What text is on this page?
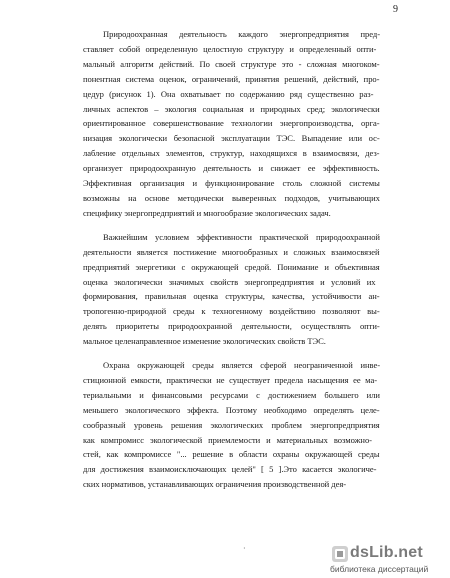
9
Природоохранная деятельность каждого энергопредприятия пред-
ставляет собой определенную целостную структуру и определенный опти-
мальный алгоритм действий. По своей структуре это - сложная многоком-
понентная система оценок, ограничений, принятия решений, действий, про-
цедур (рисунок 1). Она охватывает по содержанию ряд существенно раз-
личных аспектов – экология социальная и природных сред; экологически
ориентированное совершенствование технологии энергопроизводства, орга-
низация экологически безопасной эксплуатации ТЭС. Выпадение или ос-
лабление отдельных элементов, структур, находящихся в взаимосвязи, дез-
организует природоохранную деятельность и снижает ее эффективность.
Эффективная организация и функционирование столь сложной системы
возможны на основе методически выверенных подходов, учитывающих
специфику энергопредприятий и многообразие экологических задач.
Важнейшим условием эффективности практической природоохранной
деятельности является постижение многообразных и сложных взаимосвязей
предприятий энергетики с окружающей средой. Понимание и объективная
оценка экологически значимых свойств энергопредприятия и условий их
формирования, правильная оценка структуры, качества, устойчивости ан-
тропогенно-природной среды к техногенному воздействию позволяют вы-
делять приоритеты природоохранной деятельности, осуществлять опти-
мальное целенаправленное изменение экологических свойств ТЭС.
Охрана окружающей среды является сферой неограниченной инве-
стиционной емкости, практически не существует предела насыщения ее ма-
териальными и финансовыми ресурсами с достижением большего или
меньшего экологического эффекта. Поэтому необходимо определять целе-
сообразный уровень решения экологических проблем энергопредприятия
как компромисс экологической приемлемости и материальных возможно-
стей, как компромиссе "... решение в области охраны окружающей среды
для достижения взаимоисключающих целей" [ 5 ].Это касается экологиче-
ских нормативов, устанавливающих ограничения производственной дея-
·	dsLib.net
библиотека диссертаций
